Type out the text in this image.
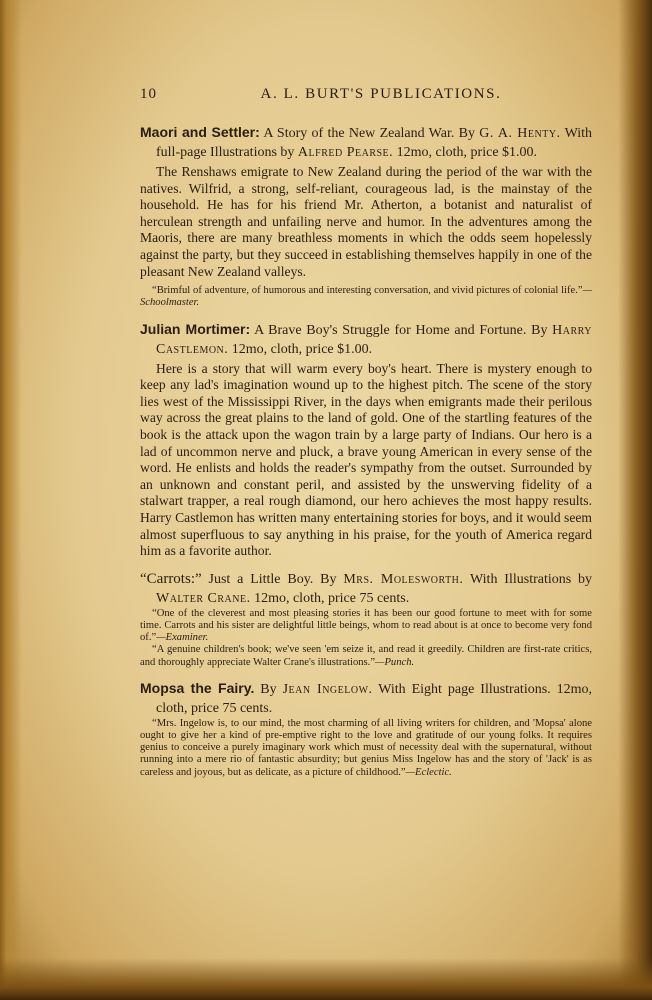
10	A. L. BURT'S PUBLICATIONS.
Maori and Settler: A Story of the New Zealand War. By G. A. Henty. With full-page Illustrations by Alfred Pearse. 12mo, cloth, price $1.00.

The Renshaws emigrate to New Zealand during the period of the war with the natives. Wilfrid, a strong, self-reliant, courageous lad, is the mainstay of the household. He has for his friend Mr. Atherton, a botanist and naturalist of herculean strength and unfailing nerve and humor. In the adventures among the Maoris, there are many breathless moments in which the odds seem hopelessly against the party, but they succeed in establishing themselves happily in one of the pleasant New Zealand valleys.

“Brimful of adventure, of humorous and interesting conversation, and vivid pictures of colonial life.”—Schoolmaster.

Julian Mortimer: A Brave Boy's Struggle for Home and Fortune. By Harry Castlemon. 12mo, cloth, price $1.00.

Here is a story that will warm every boy's heart. There is mystery enough to keep any lad's imagination wound up to the highest pitch. The scene of the story lies west of the Mississippi River, in the days when emigrants made their perilous way across the great plains to the land of gold. One of the startling features of the book is the attack upon the wagon train by a large party of Indians. Our hero is a lad of uncommon nerve and pluck, a brave young American in every sense of the word. He enlists and holds the reader's sympathy from the outset. Surrounded by an unknown and constant peril, and assisted by the unswerving fidelity of a stalwart trapper, a real rough diamond, our hero achieves the most happy results. Harry Castlemon has written many entertaining stories for boys, and it would seem almost superfluous to say anything in his praise, for the youth of America regard him as a favorite author.

“Carrots:” Just a Little Boy. By Mrs. Molesworth. With Illustrations by Walter Crane. 12mo, cloth, price 75 cents.

“One of the cleverest and most pleasing stories it has been our good fortune to meet with for some time. Carrots and his sister are delightful little beings, whom to read about is at once to become very fond of.”—Examiner.

“A genuine children's book; we've seen 'em seize it, and read it greedily. Children are first-rate critics, and thoroughly appreciate Walter Crane's illustrations.”—Punch.

Mopsa the Fairy. By Jean Ingelow. With Eight page Illustrations. 12mo, cloth, price 75 cents.

“Mrs. Ingelow is, to our mind, the most charming of all living writers for children, and 'Mopsa' alone ought to give her a kind of pre-emptive right to the love and gratitude of our young folks. It requires genius to conceive a purely imaginary work which must of necessity deal with the supernatural, without running into a mere rio of fantastic absurdity; but genius Miss Ingelow has and the story of 'Jack' is as careless and joyous, but as delicate, as a picture of childhood.”—Eclectic.
